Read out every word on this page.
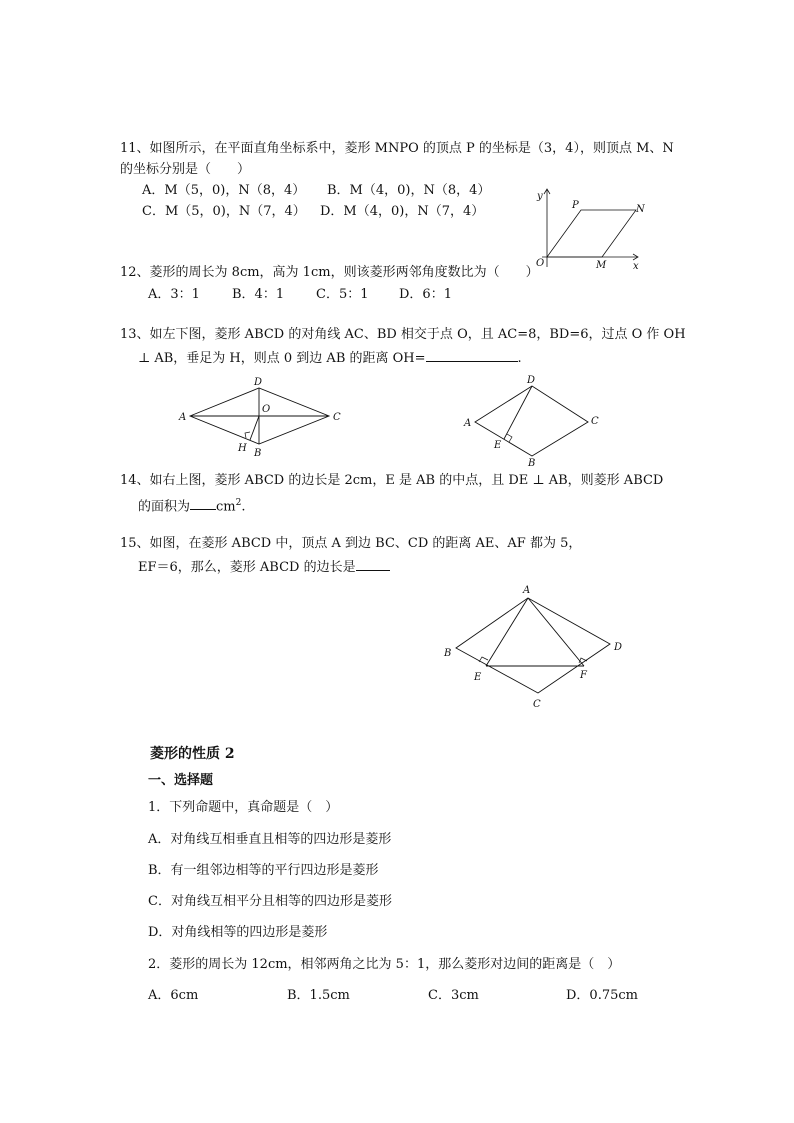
11、如图所示，在平面直角坐标系中，菱形 MNPO 的顶点 P 的坐标是（3，4），则顶点 M、N
的坐标分别是（　　）
A．M（5，0)，N（8，4） B．M（4，0)，N（8，4）
C．M（5，0)，N（7，4） D．M（4，0)，N（7，4）
y
x
O
P	N
M
12、菱形的周长为 8cm，高为 1cm，则该菱形两邻角度数比为（　　）
A．3：1 B．4：1 C．5：1 D．6：1
13、如左下图，菱形 ABCD 的对角线 AC、BD 相交于点 O，且 AC=8，BD=6，过点 O 作 OH
⊥ AB，垂足为 H，则点 0 到边 AB 的距离 OH=	.
A	C
D
B
O
H
A	C
D
B
E
14、如右上图，菱形 ABCD 的边长是 2cm，E 是 AB 的中点，且 DE ⊥ AB，则菱形 ABCD
的面积为 $cm^2$.
15、如图，在菱形 ABCD 中，顶点 A 到边 BC、CD 的距离 AE、AF 都为 5，
EF＝6，那么，菱形 ABCD 的边长是
A
B
D
C
E	F
菱形的性质 2
一、选择题
1．下列命题中，真命题是（　）
A．对角线互相垂直且相等的四边形是菱形
B．有一组邻边相等的平行四边形是菱形
C．对角线互相平分且相等的四边形是菱形
D．对角线相等的四边形是菱形
2．菱形的周长为 12cm，相邻两角之比为 5：1，那么菱形对边间的距离是（　）
A．6cm	B．1.5cm	C．3cm	D．0.75cm
